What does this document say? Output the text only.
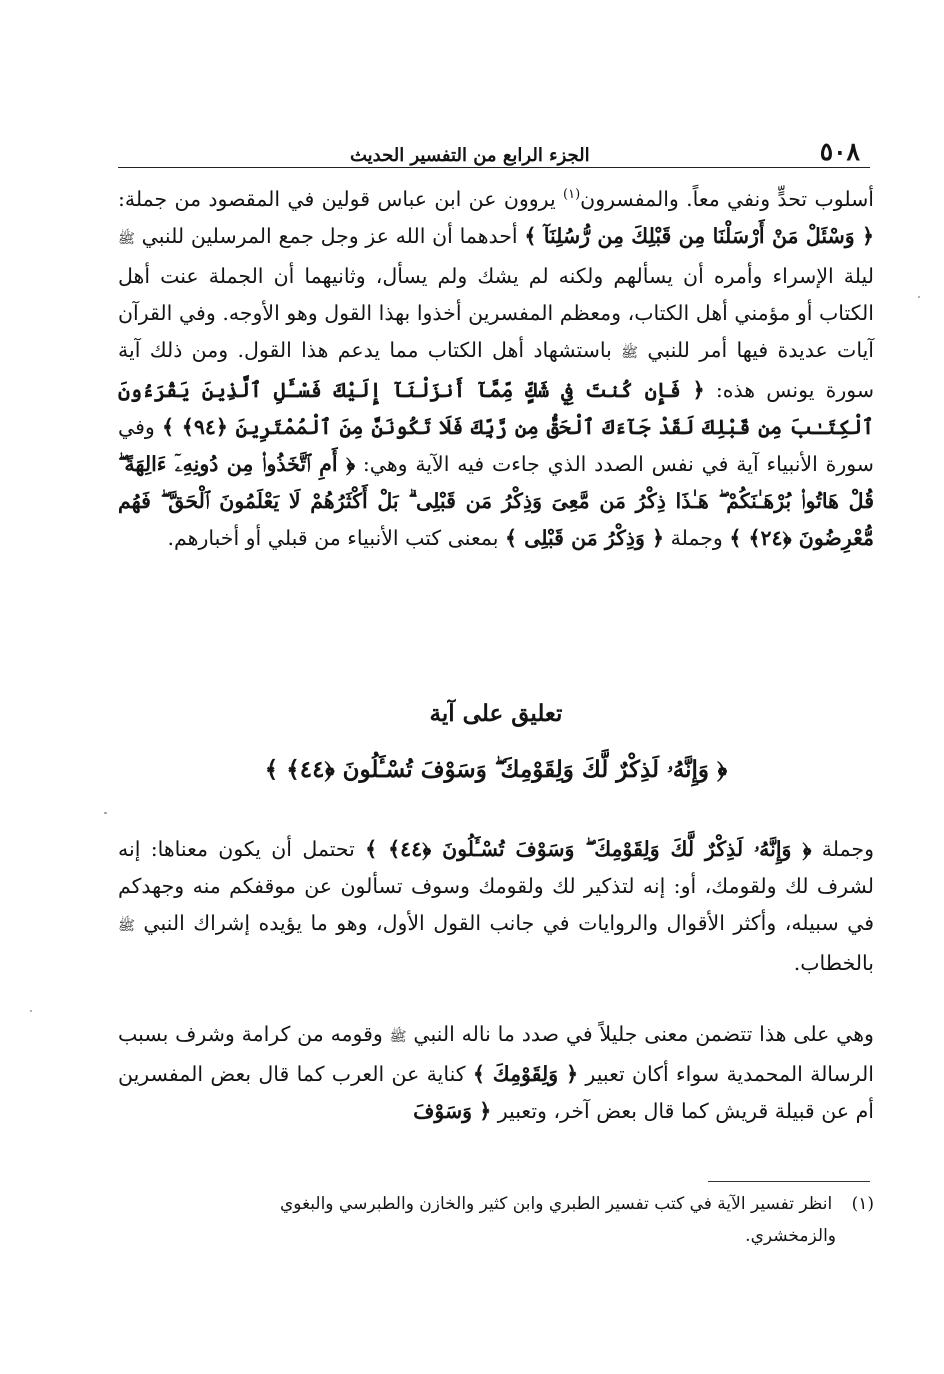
٥٠٨
الجزء الرابع من التفسير الحديث

أسلوب تحدٍّ ونفي معاً. والمفسرون$^{(١)}$ يروون عن ابن عباس قولين في المقصود من جملة: ﴿ وَسْئَلْ مَنْ أَرْسَلْنَا مِن قَبْلِكَ مِن رُّسُلِنَآ ﴾ أحدهما أن الله عز وجل جمع المرسلين للنبي ﷺ ليلة الإسراء وأمره أن يسألهم ولكنه لم يشك ولم يسأل، وثانيهما أن الجملة عنت أهل الكتاب أو مؤمني أهل الكتاب، ومعظم المفسرين أخذوا بهذا القول وهو الأوجه. وفي القرآن آيات عديدة فيها أمر للنبي ﷺ باستشهاد أهل الكتاب مما يدعم هذا القول. ومن ذلك آية سورة يونس هذه: ﴿ فَإِن كُنتَ فِي شَكٍّ مِّمَّآ أَنزَلْنَآ إِلَيْكَ فَسْـَٔلِ ٱلَّذِينَ يَقْرَءُونَ ٱلْكِتَـٰبَ مِن قَبْلِكَ لَقَدْ جَآءَكَ ٱلْحَقُّ مِن رَّبِّكَ فَلَا تَكُونَنَّ مِنَ ٱلْمُمْتَرِينَ ﴿٩٤﴾ ﴾ وفي سورة الأنبياء آية في نفس الصدد الذي جاءت فيه الآية وهي: ﴿ أَمِ ٱتَّخَذُوا۟ مِن دُونِهِۦٓ ءَالِهَةً ۖ قُلْ هَاتُوا۟ بُرْهَـٰنَكُمْ ۖ هَـٰذَا ذِكْرُ مَن مَّعِىَ وَذِكْرُ مَن قَبْلِى ۗ بَلْ أَكْثَرُهُمْ لَا يَعْلَمُونَ ٱلْحَقَّ ۖ فَهُم مُّعْرِضُونَ ﴿٢٤﴾ ﴾ وجملة ﴿ وَذِكْرُ مَن قَبْلِى ﴾ بمعنى كتب الأنبياء من قبلي أو أخبارهم.

تعليق على آية
﴿ وَإِنَّهُۥ لَذِكْرٌ لَّكَ وَلِقَوْمِكَ ۖ وَسَوْفَ تُسْـَٔلُونَ ﴿٤٤﴾ ﴾

وجملة ﴿ وَإِنَّهُۥ لَذِكْرٌ لَّكَ وَلِقَوْمِكَ ۖ وَسَوْفَ تُسْـَٔلُونَ ﴿٤٤﴾ ﴾ تحتمل أن يكون معناها: إنه لشرف لك ولقومك، أو: إنه لتذكير لك ولقومك وسوف تسألون عن موقفكم منه وجهدكم في سبيله، وأكثر الأقوال والروايات في جانب القول الأول، وهو ما يؤيده إشراك النبي ﷺ بالخطاب.

وهي على هذا تتضمن معنى جليلاً في صدد ما ناله النبي ﷺ وقومه من كرامة وشرف بسبب الرسالة المحمدية سواء أكان تعبير ﴿ وَلِقَوْمِكَ ﴾ كناية عن العرب كما قال بعض المفسرين أم عن قبيلة قريش كما قال بعض آخر، وتعبير ﴿ وَسَوْفَ

(١) انظر تفسير الآية في كتب تفسير الطبري وابن كثير والخازن والطبرسي والبغوي
والزمخشري.
